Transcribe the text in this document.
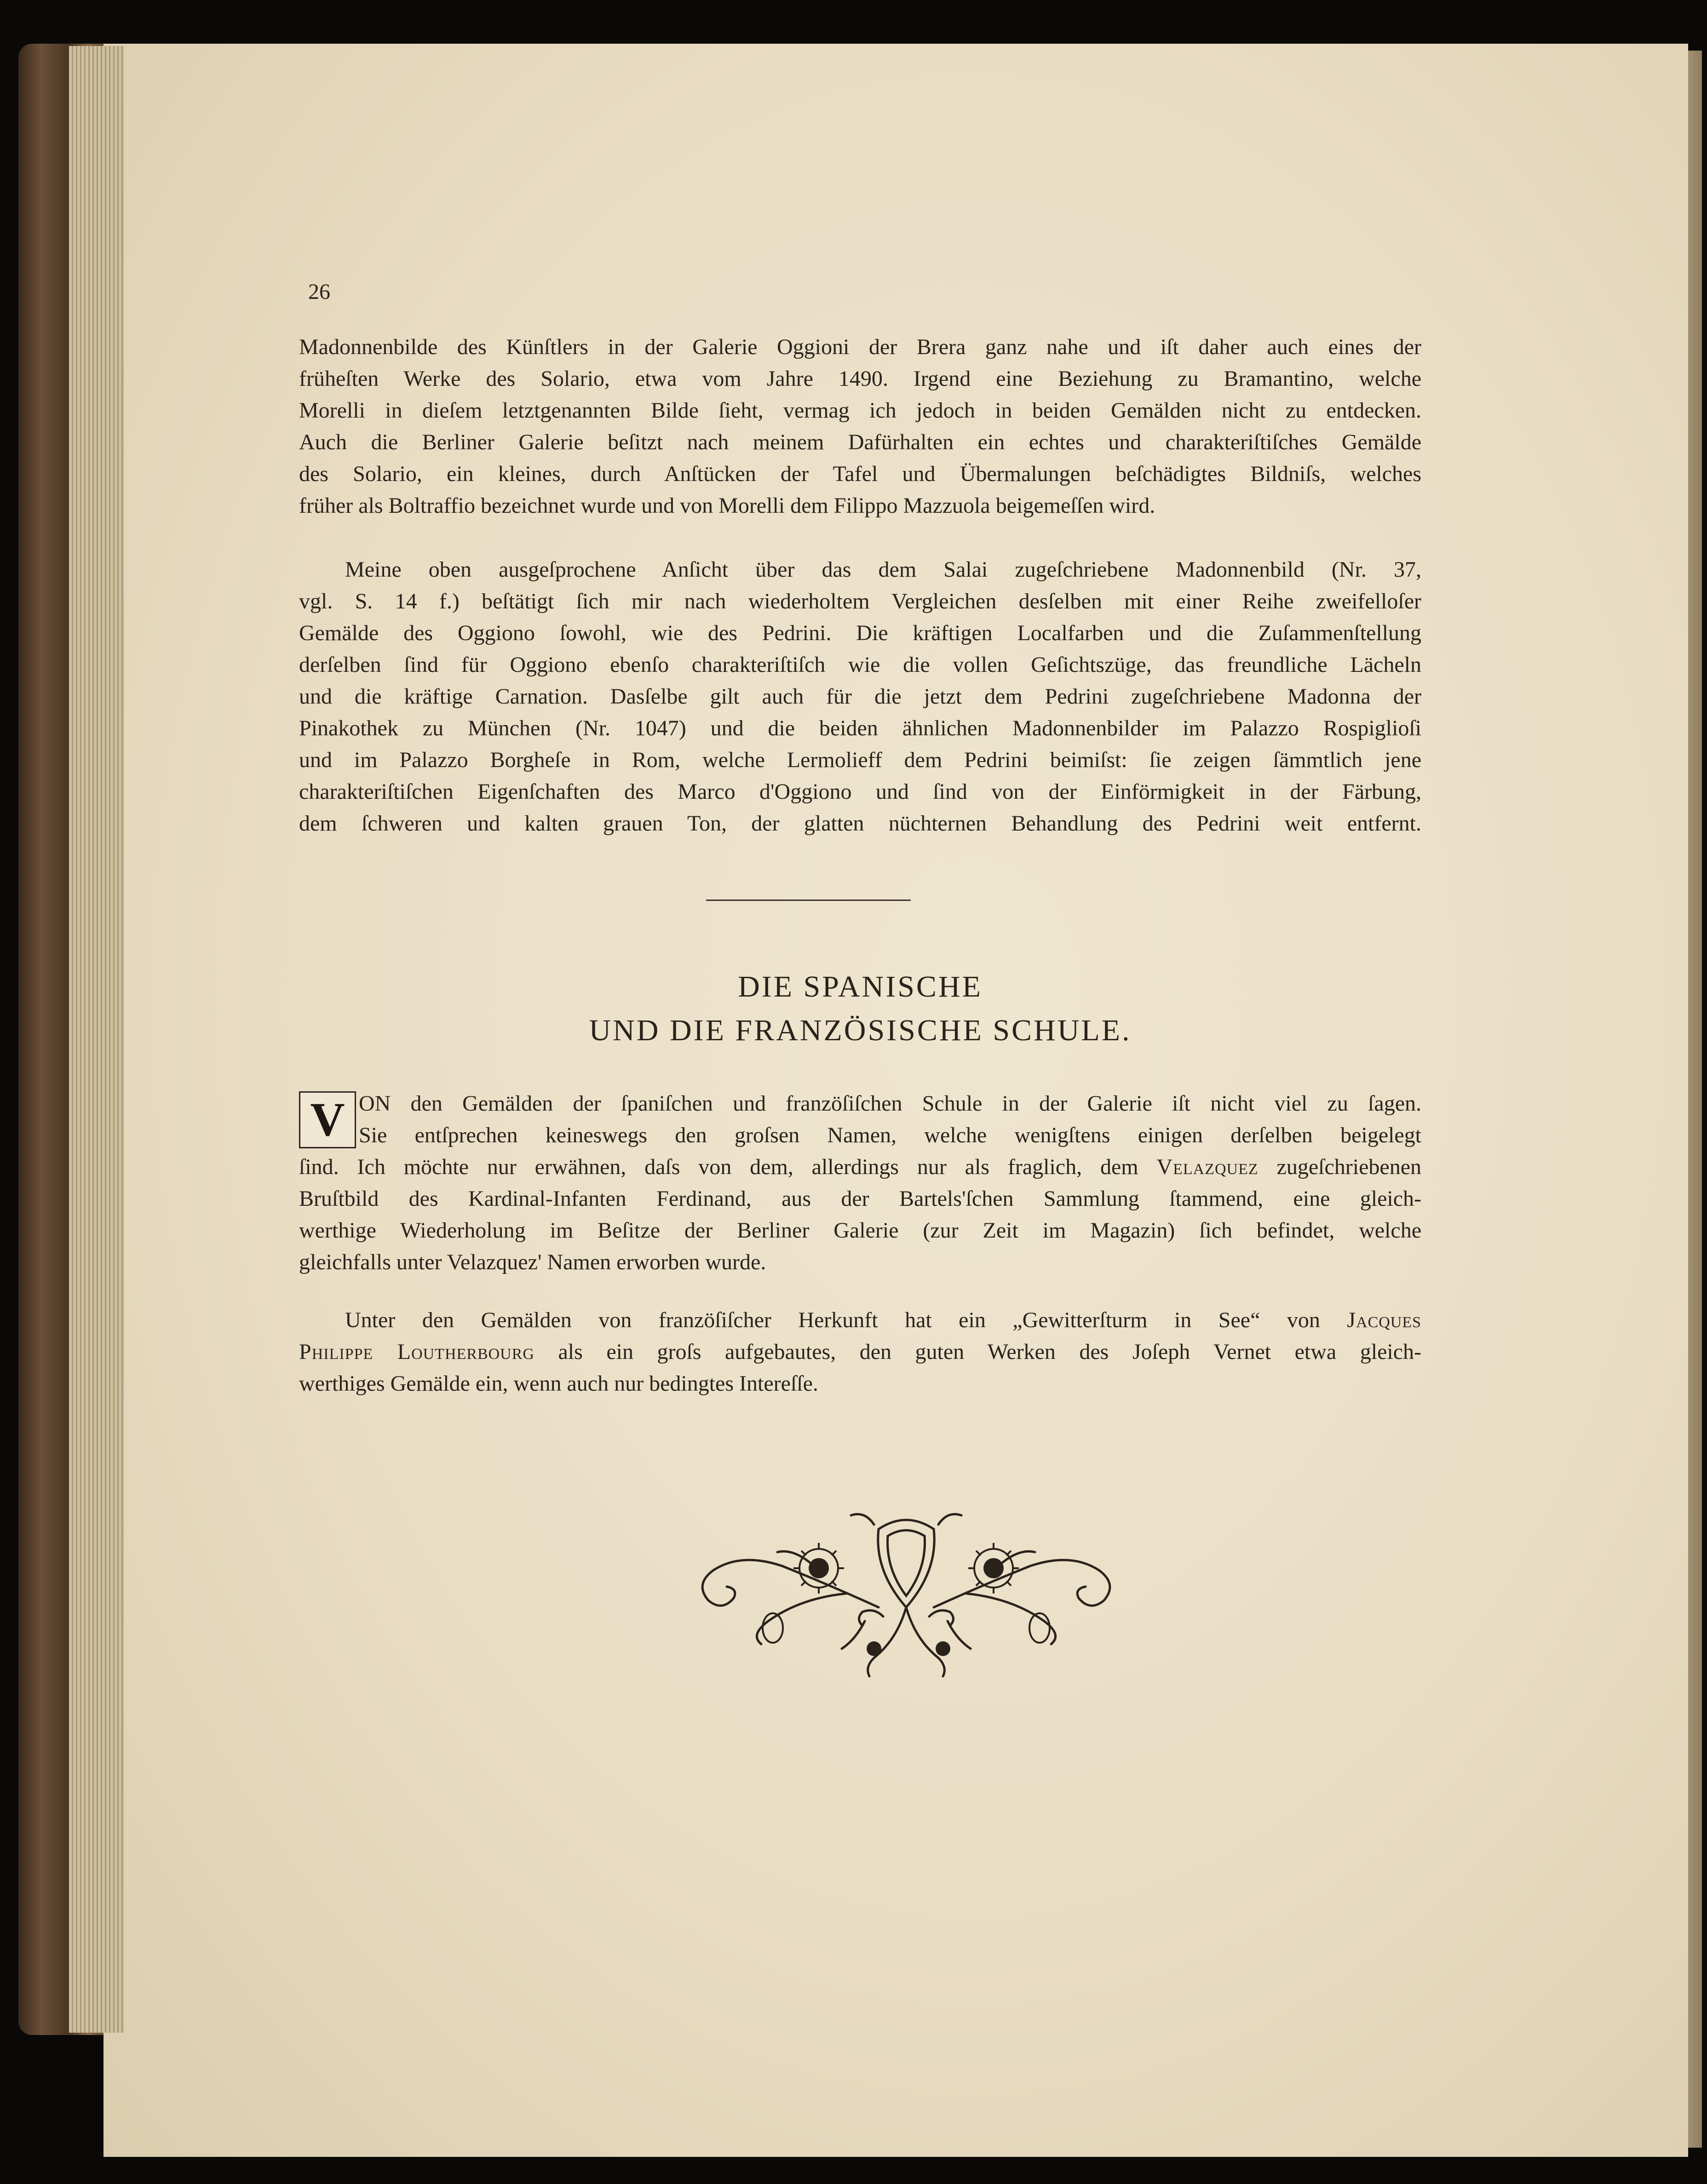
26
Madonnenbilde des Künſtlers in der Galerie Oggioni der Brera ganz nahe und iſt daher auch eines der
früheſten Werke des Solario, etwa vom Jahre 1490. Irgend eine Beziehung zu Bramantino, welche
Morelli in dieſem letztgenannten Bilde ſieht, vermag ich jedoch in beiden Gemälden nicht zu entdecken.
Auch die Berliner Galerie beſitzt nach meinem Dafürhalten ein echtes und charakteriſtiſches Gemälde
des Solario, ein kleines, durch Anſtücken der Tafel und Übermalungen beſchädigtes Bildniſs, welches
früher als Boltraffio bezeichnet wurde und von Morelli dem Filippo Mazzuola beigemeſſen wird.
Meine oben ausgeſprochene Anſicht über das dem Salai zugeſchriebene Madonnenbild (Nr. 37,
vgl. S. 14 f.) beſtätigt ſich mir nach wiederholtem Vergleichen desſelben mit einer Reihe zweifelloſer
Gemälde des Oggiono ſowohl, wie des Pedrini. Die kräftigen Localfarben und die Zuſammenſtellung
derſelben ſind für Oggiono ebenſo charakteriſtiſch wie die vollen Geſichtszüge, das freundliche Lächeln
und die kräftige Carnation. Dasſelbe gilt auch für die jetzt dem Pedrini zugeſchriebene Madonna der
Pinakothek zu München (Nr. 1047) und die beiden ähnlichen Madonnenbilder im Palazzo Rospiglioſi
und im Palazzo Borgheſe in Rom, welche Lermolieff dem Pedrini beimiſst: ſie zeigen ſämmtlich jene
charakteriſtiſchen Eigenſchaften des Marco d'Oggiono und ſind von der Einförmigkeit in der Färbung,
dem ſchweren und kalten grauen Ton, der glatten nüchternen Behandlung des Pedrini weit entfernt.
DIE SPANISCHE
UND DIE FRANZÖSISCHE SCHULE.
V ON den Gemälden der ſpaniſchen und franzöſiſchen Schule in der Galerie iſt nicht viel zu ſagen.
Sie entſprechen keineswegs den groſsen Namen, welche wenigſtens einigen derſelben beigelegt
ſind. Ich möchte nur erwähnen, daſs von dem, allerdings nur als fraglich, dem Velazquez zugeſchriebenen
Bruſtbild des Kardinal-Infanten Ferdinand, aus der Bartels'ſchen Sammlung ſtammend, eine gleich-
werthige Wiederholung im Beſitze der Berliner Galerie (zur Zeit im Magazin) ſich befindet, welche
gleichfalls unter Velazquez' Namen erworben wurde.
Unter den Gemälden von franzöſiſcher Herkunft hat ein „Gewitterſturm in See“ von Jacques
Philippe Loutherbourg als ein groſs aufgebautes, den guten Werken des Joſeph Vernet etwa gleich-
werthiges Gemälde ein, wenn auch nur bedingtes Intereſſe.
